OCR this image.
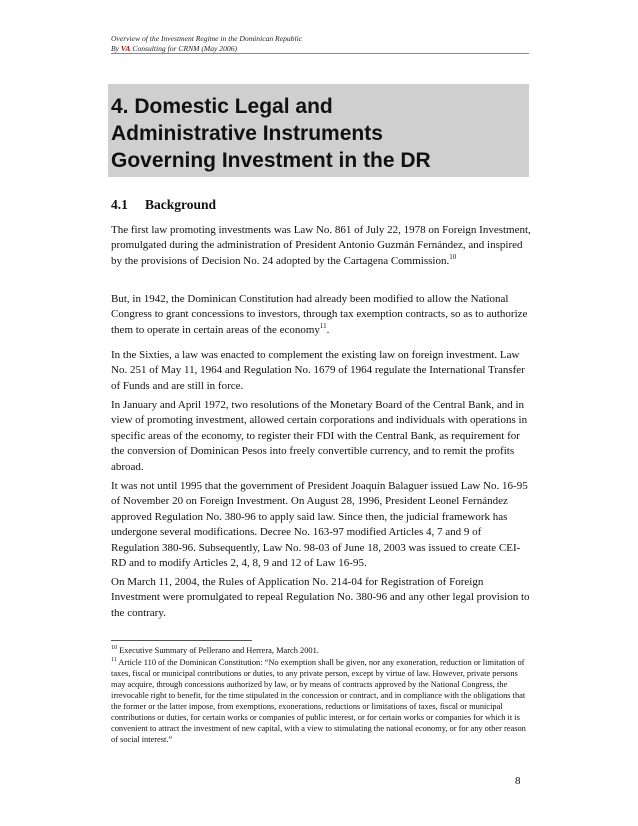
Overview of the Investment Regime in the Dominican Republic
By VA Consulting for CRNM (May 2006)
4. Domestic Legal and
Administrative Instruments
Governing Investment in the DR
4.1 Background

The first law promoting investments was Law No. 861 of July 22, 1978 on Foreign Investment, promulgated during the administration of President Antonio Guzmán Fernández, and inspired by the provisions of Decision No. 24 adopted by the Cartagena Commission.$^{10}$

But, in 1942, the Dominican Constitution had already been modified to allow the National Congress to grant concessions to investors, through tax exemption contracts, so as to authorize them to operate in certain areas of the economy$^{11}$.

In the Sixties, a law was enacted to complement the existing law on foreign investment. Law No. 251 of May 11, 1964 and Regulation No. 1679 of 1964 regulate the International Transfer of Funds and are still in force.

In January and April 1972, two resolutions of the Monetary Board of the Central Bank, and in view of promoting investment, allowed certain corporations and individuals with operations in specific areas of the economy, to register their FDI with the Central Bank, as requirement for the conversion of Dominican Pesos into freely convertible currency, and to remit the profits abroad.

It was not until 1995 that the government of President Joaquín Balaguer issued Law No. 16-95 of November 20 on Foreign Investment. On August 28, 1996, President Leonel Fernández approved Regulation No. 380-96 to apply said law. Since then, the judicial framework has undergone several modifications. Decree No. 163-97 modified Articles 4, 7 and 9 of Regulation 380-96. Subsequently, Law No. 98-03 of June 18, 2003 was issued to create CEI-RD and to modify Articles 2, 4, 8, 9 and 12 of Law 16-95.

On March 11, 2004, the Rules of Application No. 214-04 for Registration of Foreign Investment were promulgated to repeal Regulation No. 380-96 and any other legal provision to the contrary.

$^{10}$ Executive Summary of Pellerano and Herrera, March 2001.

$^{11}$ Article 110 of the Dominican Constitution: “No exemption shall be given, nor any exoneration, reduction or limitation of taxes, fiscal or municipal contributions or duties, to any private person, except by virtue of law. However, private persons may acquire, through concessions authorized by law, or by means of contracts approved by the National Congress, the irrevocable right to benefit, for the time stipulated in the concession or contract, and in compliance with the obligations that the former or the latter impose, from exemptions, exonerations, reductions or limitations of taxes, fiscal or municipal contributions or duties, for certain works or companies of public interest, or for certain works or companies for which it is convenient to attract the investment of new capital, with a view to stimulating the national economy, or for any other reason of social interest.”

8
